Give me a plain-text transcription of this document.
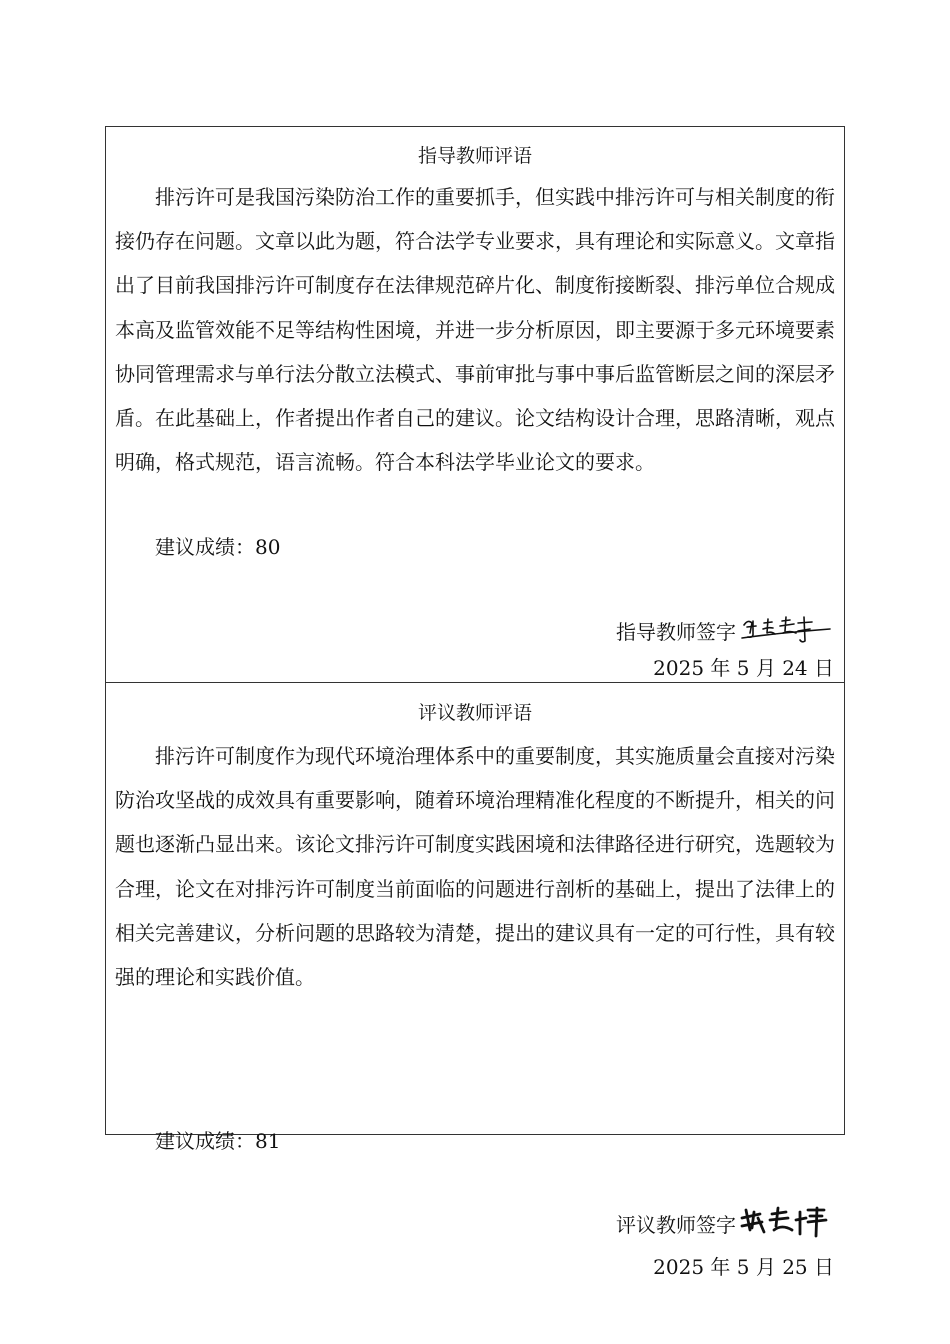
指导教师评语

排污许可是我国污染防治工作的重要抓手，但实践中排污许可与相关制度的衔接仍存在问题。文章以此为题，符合法学专业要求，具有理论和实际意义。文章指出了目前我国排污许可制度存在法律规范碎片化、制度衔接断裂、排污单位合规成本高及监管效能不足等结构性困境，并进一步分析原因，即主要源于多元环境要素协同管理需求与单行法分散立法模式、事前审批与事中事后监管断层之间的深层矛盾。在此基础上，作者提出作者自己的建议。论文结构设计合理，思路清晰，观点明确，格式规范，语言流畅。符合本科法学毕业论文的要求。

建议成绩：80
指导教师签字
2025 年 5 月 24 日
评议教师评语

排污许可制度作为现代环境治理体系中的重要制度，其实施质量会直接对污染防治攻坚战的成效具有重要影响，随着环境治理精准化程度的不断提升，相关的问题也逐渐凸显出来。该论文排污许可制度实践困境和法律路径进行研究，选题较为合理，论文在对排污许可制度当前面临的问题进行剖析的基础上，提出了法律上的相关完善建议，分析问题的思路较为清楚，提出的建议具有一定的可行性，具有较强的理论和实践价值。

建议成绩：81
评议教师签字
2025 年 5 月 25 日
